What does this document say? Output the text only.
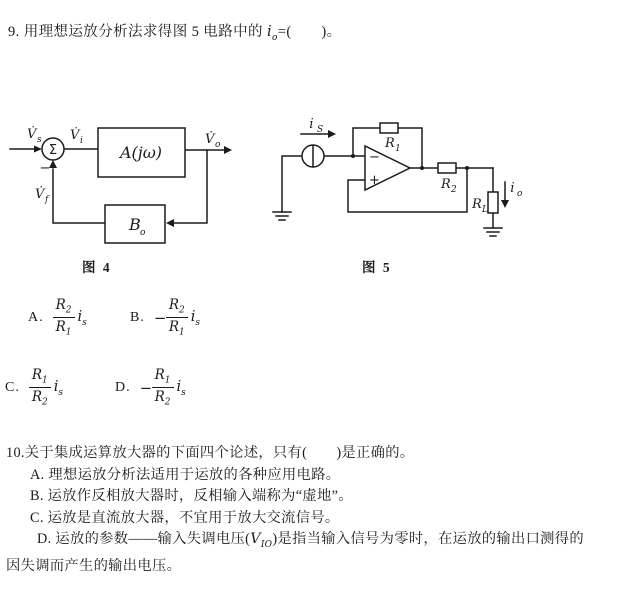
9. 用理想运放分析法求得图 5 电路中的 $i_o=$(　　)。
Σ	A(jω)
B o
V̇ s V̇ i	V̇ o
V̇ f
−
图 4
−
+
i̇ S
R 1
R 2
R L
i̇ o
图 5
A. $\frac{R_2}{R_1} i_s$	B. − $\frac{R_2}{R_1} i_s$
C. $\frac{R_1}{R_2} i_s$	D. − $\frac{R_1}{R_2} i_s$
10.关于集成运算放大器的下面四个论述，只有(　　)是正确的。
A. 理想运放分析法适用于运放的各种应用电路。
B. 运放作反相放大器时，反相输入端称为“虚地”。
C. 运放是直流放大器，不宜用于放大交流信号。
D. 运放的参数——输入失调电压$(V_{IO})$是指当输入信号为零时，在运放的输出口测得的
因失调而产生的输出电压。
